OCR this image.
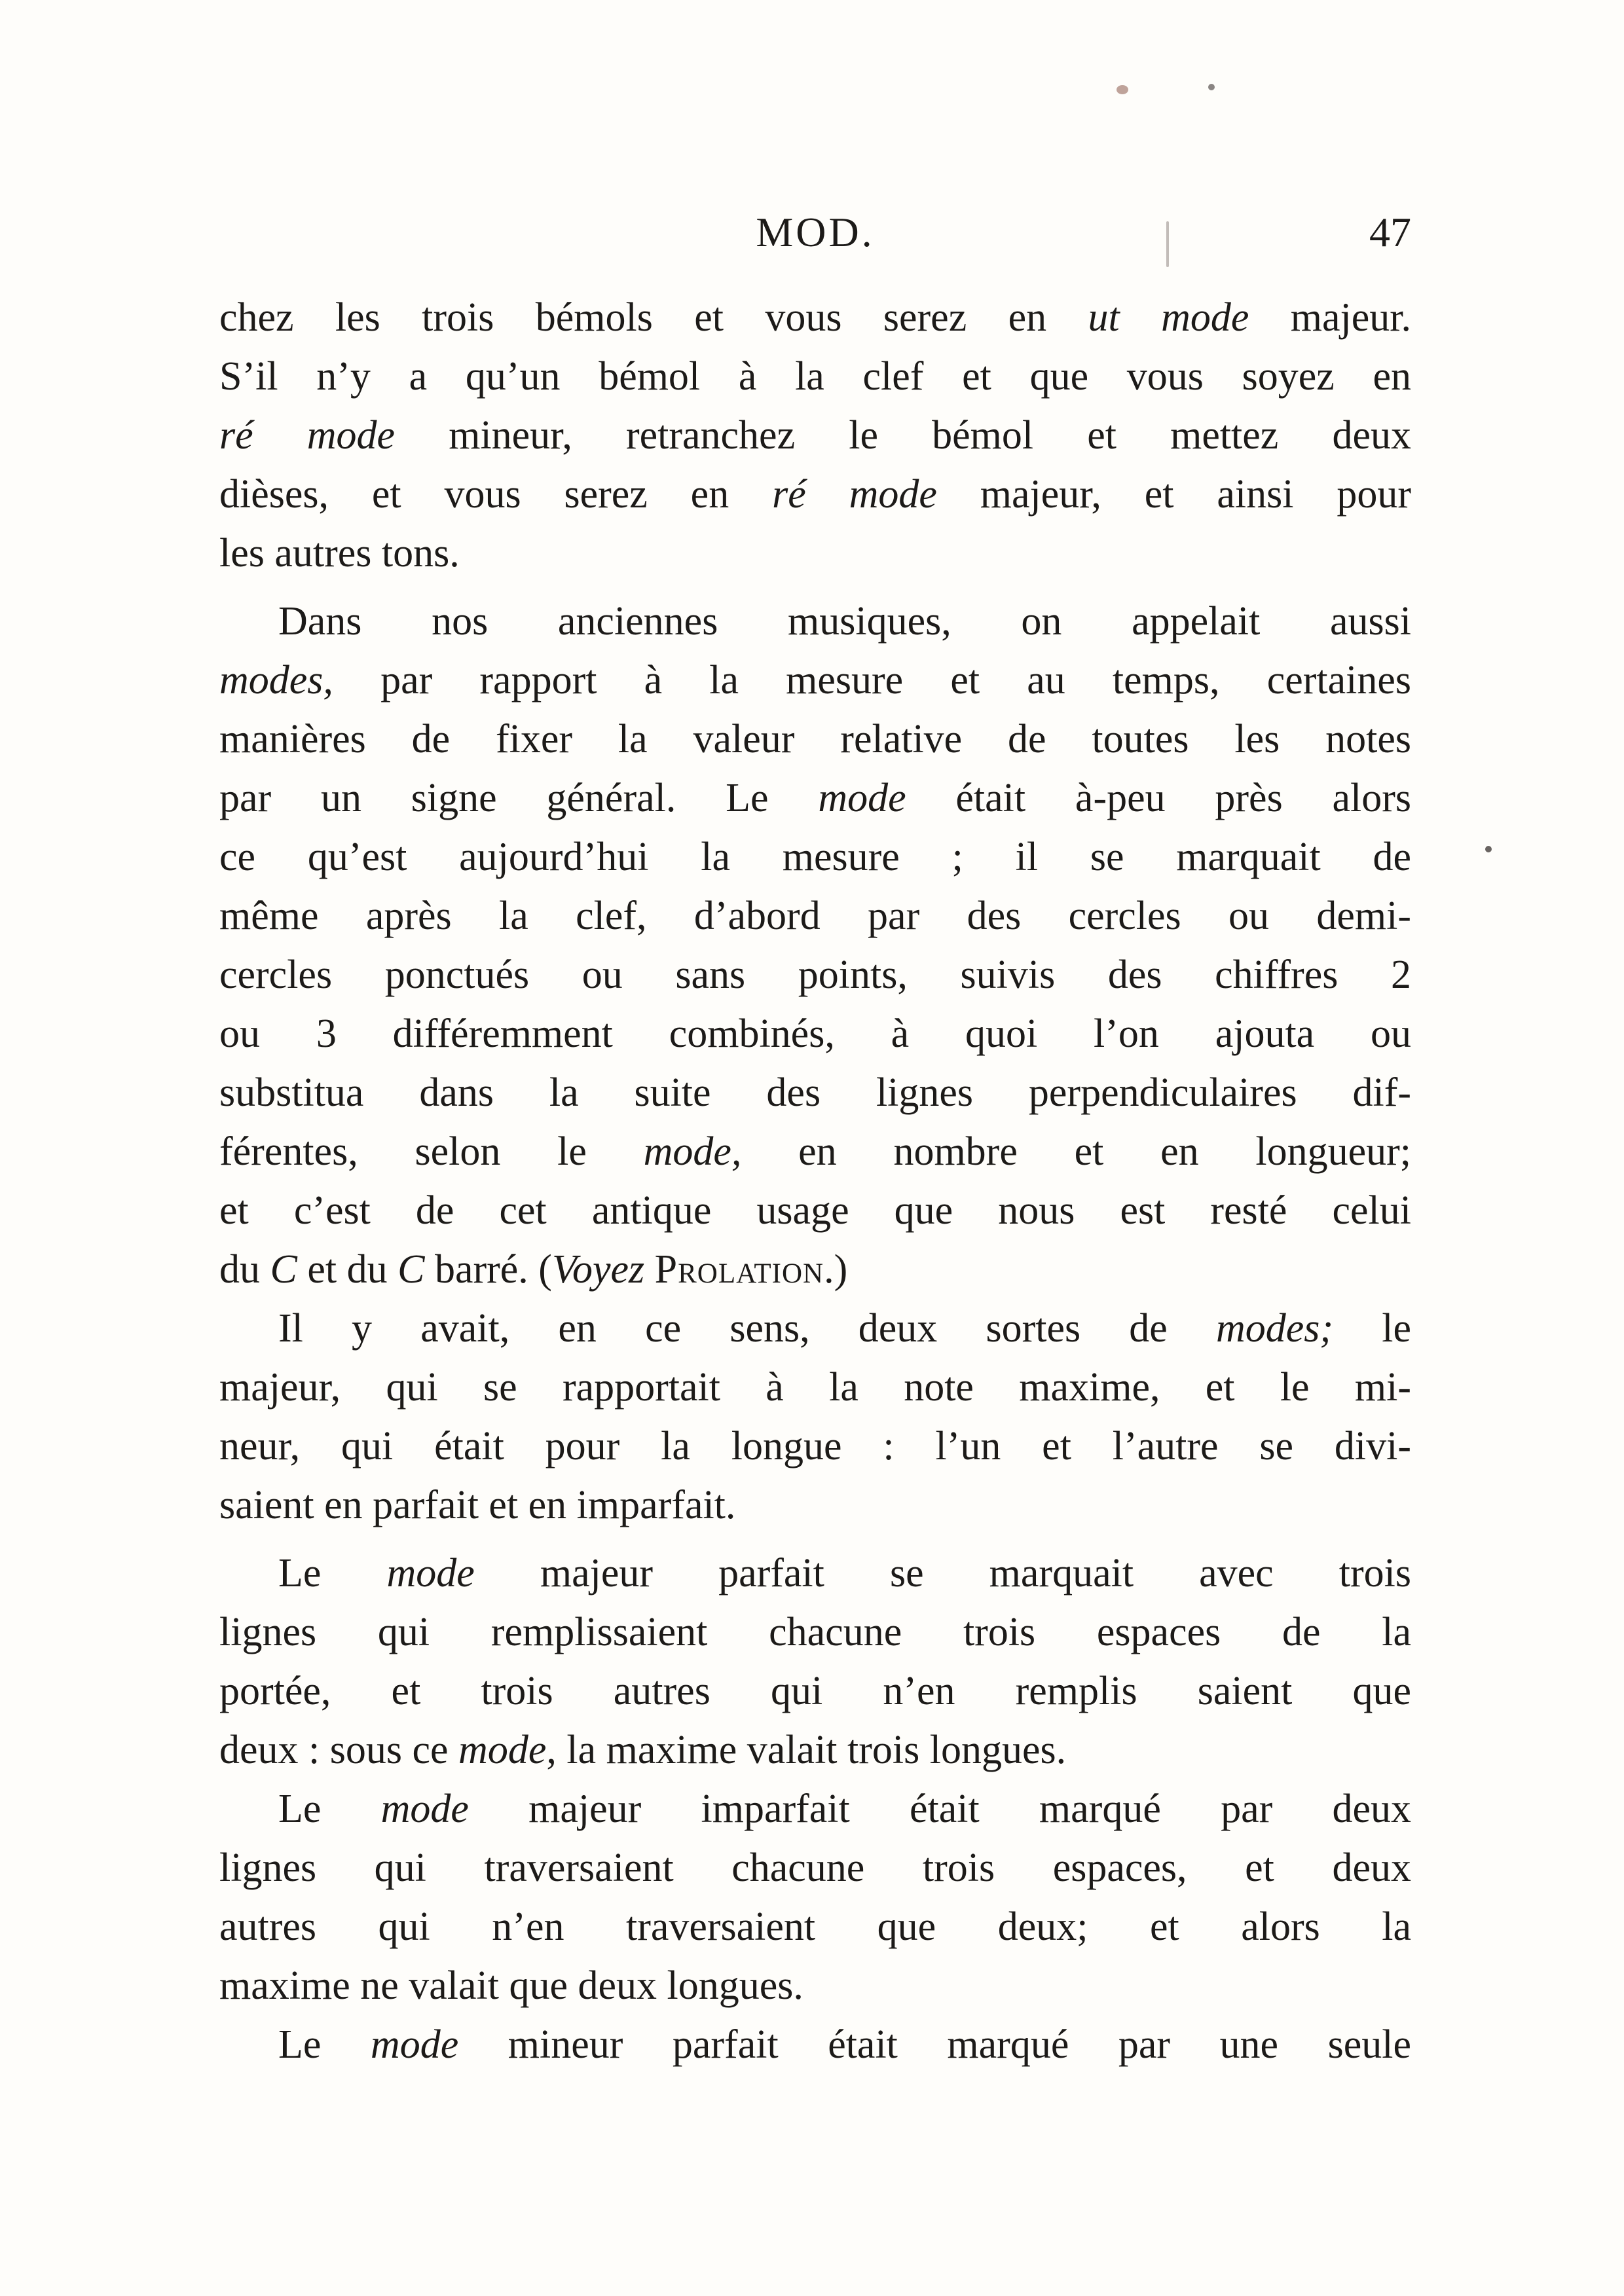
MOD.	47
chez les trois bémols et vous serez en ut mode majeur.
S’il n’y a qu’un bémol à la clef et que vous soyez en
ré mode mineur, retranchez le bémol et mettez deux
dièses, et vous serez en ré mode majeur, et ainsi pour
les autres tons.
Dans nos anciennes musiques, on appelait aussi
modes, par rapport à la mesure et au temps, certaines
manières de fixer la valeur relative de toutes les notes
par un signe général. Le mode était à-peu près alors
ce qu’est aujourd’hui la mesure ; il se marquait de
même après la clef, d’abord par des cercles ou demi-
cercles ponctués ou sans points, suivis des chiffres 2
ou 3 différemment combinés, à quoi l’on ajouta ou
substitua dans la suite des lignes perpendiculaires dif-
férentes, selon le mode, en nombre et en longueur;
et c’est de cet antique usage que nous est resté celui
du C et du C barré. (Voyez Prolation.)
Il y avait, en ce sens, deux sortes de modes; le
majeur, qui se rapportait à la note maxime, et le mi-
neur, qui était pour la longue : l’un et l’autre se divi-
saient en parfait et en imparfait.
Le mode majeur parfait se marquait avec trois
lignes qui remplissaient chacune trois espaces de la
portée, et trois autres qui n’en remplis saient que
deux : sous ce mode, la maxime valait trois longues.
Le mode majeur imparfait était marqué par deux
lignes qui traversaient chacune trois espaces, et deux
autres qui n’en traversaient que deux; et alors la
maxime ne valait que deux longues.
Le mode mineur parfait était marqué par une seule
